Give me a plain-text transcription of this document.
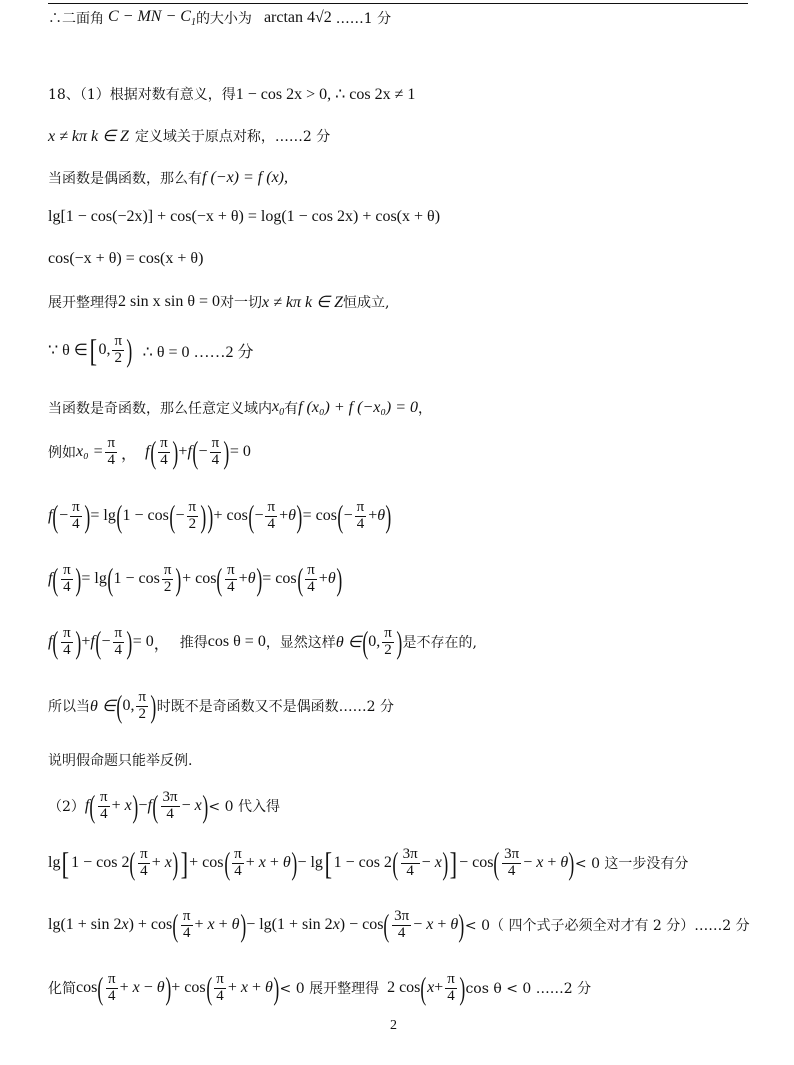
∴二面角 C − MN − $C_1$ 的大小为 arctan 4√2 ……1 分
18、（1）根据对数有意义，得 1 − cos 2x > 0, ∴ cos 2x ≠ 1
x ≠ kπ k ∈ Z 定义域关于原点对称，……2 分
当函数是偶函数，那么有 f (−x) = f (x),
lg[1 − cos(−2x)] + cos(−x + θ) = log(1 − cos 2x) + cos(x + θ)
cos(−x + θ) = cos(x + θ)
展开整理得 2 sin x sin θ = 0 对一切 x ≠ kπ k ∈ Z 恒成立,
∵ θ ∈ [ 0, $\frac{\pi}{2}$ ) ∴ θ = 0 ……2 分
当函数是奇函数，那么任意定义域内 $x_0$ 有 f (x₀) + f (−x₀) = 0 ，
例如 $x_0 = \frac{\pi}{4}$ ， f ( $\frac{\pi}{4}$ ) + f ( − $\frac{\pi}{4}$ ) = 0
f ( − $\frac{\pi}{4}$ ) = lg ( 1 − cos ( − $\frac{\pi}{2}$ ) ) + cos ( − $\frac{\pi}{4} + \theta$ ) = cos ( − $\frac{\pi}{4} + \theta$ )
f ( $\frac{\pi}{4}$ ) = lg ( $1 - \cos \frac{\pi}{2}$ ) + cos ( $\frac{\pi}{4} + \theta$ ) = cos ( $\frac{\pi}{4} + \theta$ )
f ( $\frac{\pi}{4}$ ) + f ( − $\frac{\pi}{4}$ ) = 0 ， 推得 cos θ = 0 ，显然这样 θ ∈ ( 0, $\frac{\pi}{2}$ ) 是不存在的,
所以当 θ ∈ ( 0, $\frac{\pi}{2}$ ) 时既不是奇函数又不是偶函数……2 分
说明假命题只能举反例.
（2） f ( $\frac{\pi}{4} + x$ ) − f ( $\frac{3\pi}{4} - x$ ) < 0 代入得
lg [ 1 − cos 2 ( $\frac{\pi}{4} + x$ ) ] + cos ( $\frac{\pi}{4} + x + \theta$ ) − lg [ 1 − cos 2 ( $\frac{3\pi}{4} - x$ ) ] − cos ( $\frac{3\pi}{4} - x + \theta$ ) < 0 这一步没有分
lg(1 + sin 2x) + cos ( $\frac{\pi}{4} + x + \theta$ ) − lg(1 + sin 2x) − cos ( $\frac{3\pi}{4} - x + \theta$ ) < 0（ 四个式子必须全对才有 2 分）……2 分
化简 cos ( $\frac{\pi}{4} + x - \theta$ ) + cos ( $\frac{\pi}{4} + x + \theta$ ) < 0 展开整理得 2 cos ( $x + \frac{\pi}{4}$ ) cos θ < 0 ……2 分
2
